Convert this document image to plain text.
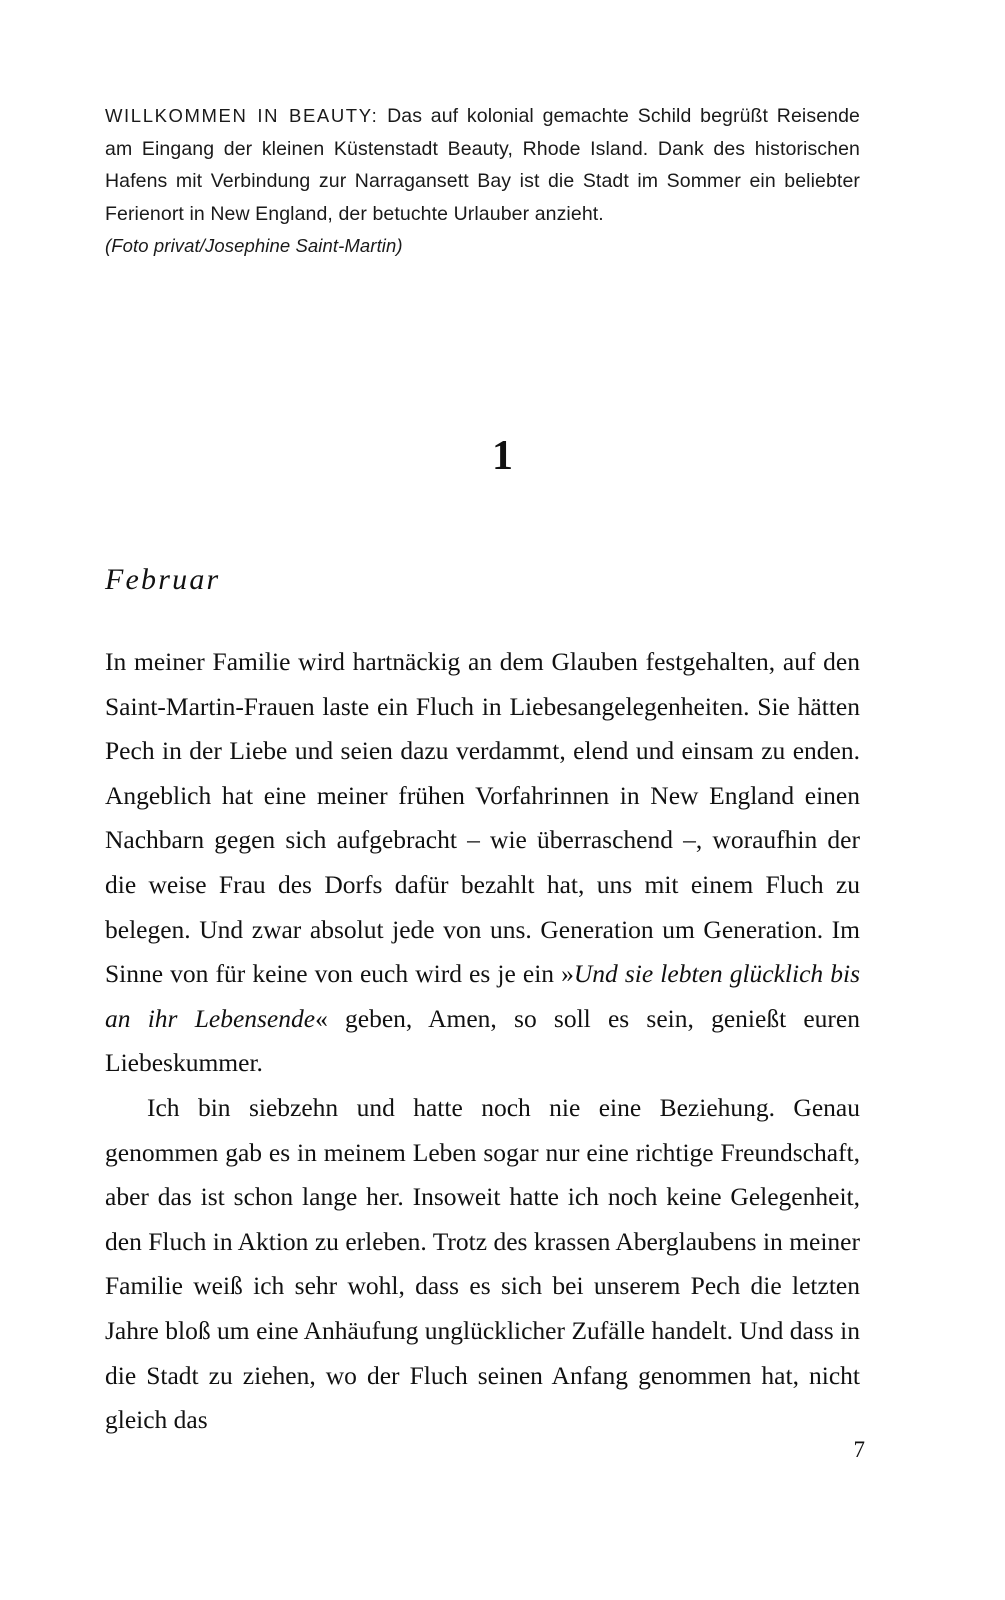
WILLKOMMEN IN BEAUTY: Das auf kolonial gemachte Schild begrüßt Reisende am Eingang der kleinen Küstenstadt Beauty, Rhode Island. Dank des historischen Hafens mit Verbindung zur Narragansett Bay ist die Stadt im Sommer ein beliebter Ferienort in New England, der betuchte Urlauber anzieht.
(Foto privat/Josephine Saint-Martin)
1
Februar

In meiner Familie wird hartnäckig an dem Glauben festgehalten, auf den Saint-Martin-Frauen laste ein Fluch in Liebesangelegenheiten. Sie hätten Pech in der Liebe und seien dazu verdammt, elend und einsam zu enden. Angeblich hat eine meiner frühen Vorfahrinnen in New England einen Nachbarn gegen sich aufgebracht – wie überraschend –, woraufhin der die weise Frau des Dorfs dafür bezahlt hat, uns mit einem Fluch zu belegen. Und zwar absolut jede von uns. Generation um Generation. Im Sinne von für keine von euch wird es je ein »Und sie lebten glücklich bis an ihr Lebensende« geben, Amen, so soll es sein, genießt euren Liebeskummer.

Ich bin siebzehn und hatte noch nie eine Beziehung. Genau genommen gab es in meinem Leben sogar nur eine richtige Freundschaft, aber das ist schon lange her. Insoweit hatte ich noch keine Gelegenheit, den Fluch in Aktion zu erleben. Trotz des krassen Aberglaubens in meiner Familie weiß ich sehr wohl, dass es sich bei unserem Pech die letzten Jahre bloß um eine Anhäufung unglücklicher Zufälle handelt. Und dass in die Stadt zu ziehen, wo der Fluch seinen Anfang genommen hat, nicht gleich das

7
